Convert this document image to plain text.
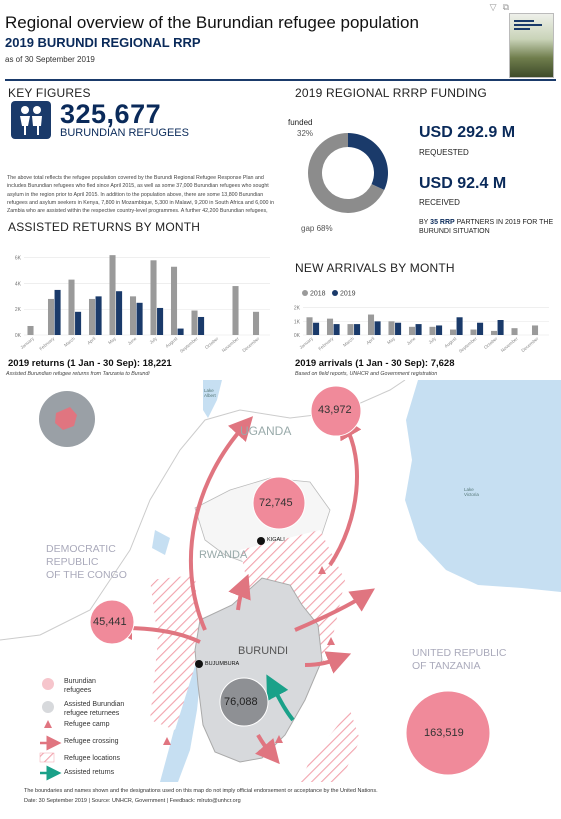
▽⧉
Regional overview of the Burundian refugee population
2019 BURUNDI REGIONAL RRP
as of 30 September 2019
KEY FIGURES
325,677
BURUNDIAN REFUGEES
The above total reflects the refugee population covered by the Burundi Regional Refugee Response Plan and includes Burundian refugees who fled since April 2015, as well as some 37,000 Burundian refugees who sought asylum in the region prior to April 2015. In addition to the population above, there are some 13,800 Burundian refugees and asylum seekers in Kenya, 7,800 in Mozambique, 5,300 in Malawi, 9,200 in South Africa and 6,000 in Zambia who are assisted within the respective country-level programmes. A further 42,200 Burundian refugees,
2019 REGIONAL RRRP FUNDING
funded
32%
gap 68%
USD 292.9 M
REQUESTED
USD 92.4 M
RECEIVED
BY 35 RRP PARTNERS IN 2019 FOR THE BURUNDI SITUATION
ASSISTED RETURNS BY MONTH
6K
4K
2K
0K
January February March April May June July August September October November December
2019 returns (1 Jan - 30 Sep): 18,221
Assisted Burundian refugee returns from Tanzania to Burundi
NEW ARRIVALS BY MONTH
2K
1K
0K
January February March April May June July August September October November December
2018 2019
2019 arrivals (1 Jan - 30 Sep): 7,628
Based on field reports, UNHCR and Government registration
UGANDA
RWANDA
BURUNDI
DEMOCRATIC
REPUBLIC
OF THE CONGO
UNITED REPUBLIC
OF TANZANIA
Lake
Albert
Lake
Victoria
KIGALI
BUJUMBURA
43,972
72,745
45,441
163,519
76,088
Burundian
refugees
Assisted Burundian
refugee returnees
Refugee camp
Refugee crossing
Refugee locations
Assisted returns
The boundaries and names shown and the designations used on this map do not imply official endorsement or acceptance by the United Nations.
Date: 30 September 2019 | Source: UNHCR, Government | Feedback: mlruto@unhcr.org
